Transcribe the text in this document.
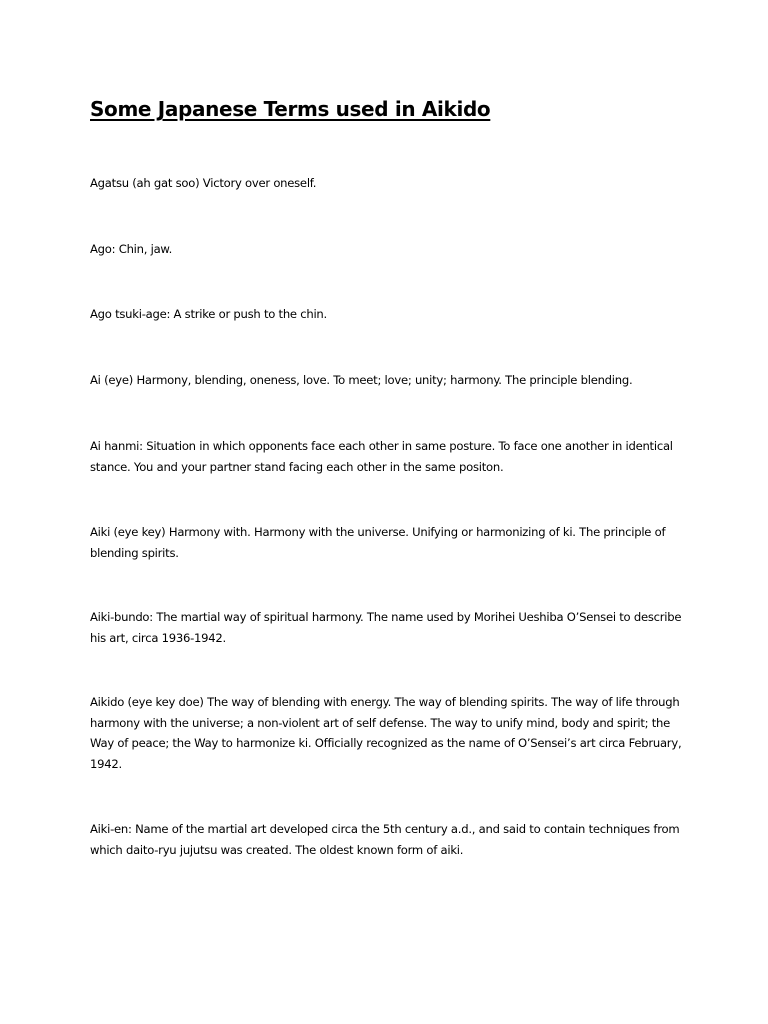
Some Japanese Terms used in Aikido

Agatsu (ah gat soo) Victory over oneself.

Ago: Chin, jaw.

Ago tsuki-age: A strike or push to the chin.

Ai (eye) Harmony, blending, oneness, love. To meet; love; unity; harmony. The principle blending.

Ai hanmi: Situation in which opponents face each other in same posture. To face one another in identical stance. You and your partner stand facing each other in the same positon.

Aiki (eye key) Harmony with. Harmony with the universe. Unifying or harmonizing of ki. The principle of blending spirits.

Aiki-bundo: The martial way of spiritual harmony. The name used by Morihei Ueshiba O’Sensei to describe his art, circa 1936-1942.

Aikido (eye key doe) The way of blending with energy. The way of blending spirits. The way of life through harmony with the universe; a non-violent art of self defense. The way to unify mind, body and spirit; the Way of peace; the Way to harmonize ki. Officially recognized as the name of O’Sensei’s art circa February, 1942.

Aiki-en: Name of the martial art developed circa the 5th century a.d., and said to contain techniques from which daito-ryu jujutsu was created. The oldest known form of aiki.
